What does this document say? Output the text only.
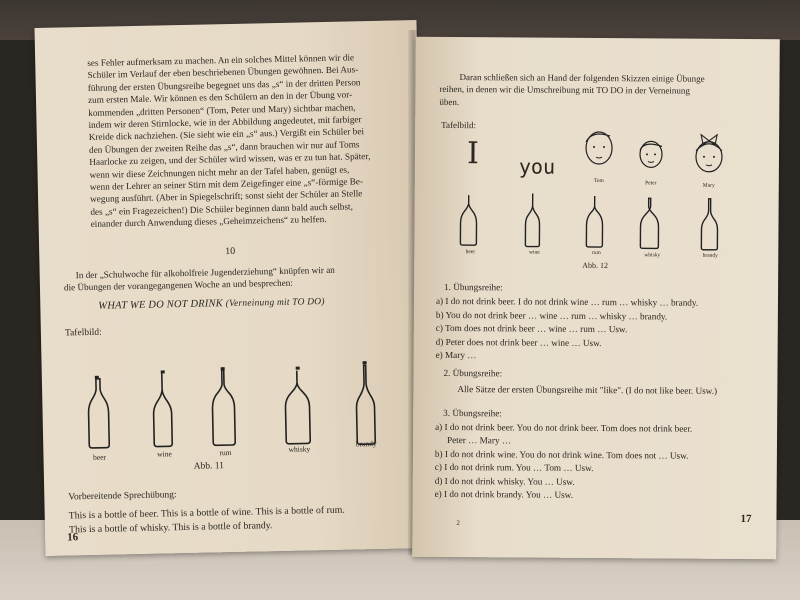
ses Fehler aufmerksam zu machen. An ein solches Mittel können wir die
Schüler im Verlauf der eben beschriebenen Übungen gewöhnen. Bei Aus-
führung der ersten Übungsreihe begegnet uns das „s“ in der dritten Person
zum ersten Male. Wir können es den Schülern an den in der Übung vor-
kommenden „dritten Personen“ (Tom, Peter und Mary) sichtbar machen,
indem wir deren Stirnlocke, wie in der Abbildung angedeutet, mit farbiger
Kreide dick nachziehen. (Sie sieht wie ein „s“ aus.) Vergißt ein Schüler bei
den Übungen der zweiten Reihe das „s“, dann brauchen wir nur auf Toms
Haarlocke zu zeigen, und der Schüler wird wissen, was er zu tun hat. Später,
wenn wir diese Zeichnungen nicht mehr an der Tafel haben, genügt es,
wenn der Lehrer an seiner Stirn mit dem Zeigefinger eine „s“-förmige Be-
wegung ausführt. (Aber in Spiegelschrift; sonst sieht der Schüler an Stelle
des „s“ ein Fragezeichen!) Die Schüler beginnen dann bald auch selbst,
einander durch Anwendung dieses „Geheimzeichens“ zu helfen.
10
In der „Schulwoche für alkoholfreie Jugenderziehung“ knüpfen wir an
die Übungen der vorangegangenen Woche an und besprechen:
WHAT WE DO NOT DRINK (Verneinung mit TO DO)
Tafelbild:
beer	wine	rum	whisky
brandy
Abb. 11
Vorbereitende Sprechübung:
This is a bottle of beer. This is a bottle of wine. This is a bottle of rum.
This is a bottle of whisky. This is a bottle of brandy.
16
Daran schließen sich an Hand der folgenden Skizzen einige Übunge
reihen, in denen wir die Umschreibung mit TO DO in der Verneinung
üben.
Tafelbild:
I you
Tom	Peter	Mary
beer	wine	rum	whisky	brandy
Abb. 12
1. Übungsreihe:
a) I do not drink beer. I do not drink wine … rum … whisky … brandy.
b) You do not drink beer … wine … rum … whisky … brandy.
c) Tom does not drink beer … wine … rum … Usw.
d) Peter does not drink beer … wine … Usw.
e) Mary …
2. Übungsreihe:
Alle Sätze der ersten Übungsreihe mit "like". (I do not like beer. Usw.)
3. Übungsreihe:
a) I do not drink beer. You do not drink beer. Tom does not drink beer.
Peter … Mary …
b) I do not drink wine. You do not drink wine. Tom does not … Usw.
c) I do not drink rum. You … Tom … Usw.
d) I do not drink whisky. You … Usw.
e) I do not drink brandy. You … Usw.
2	17
